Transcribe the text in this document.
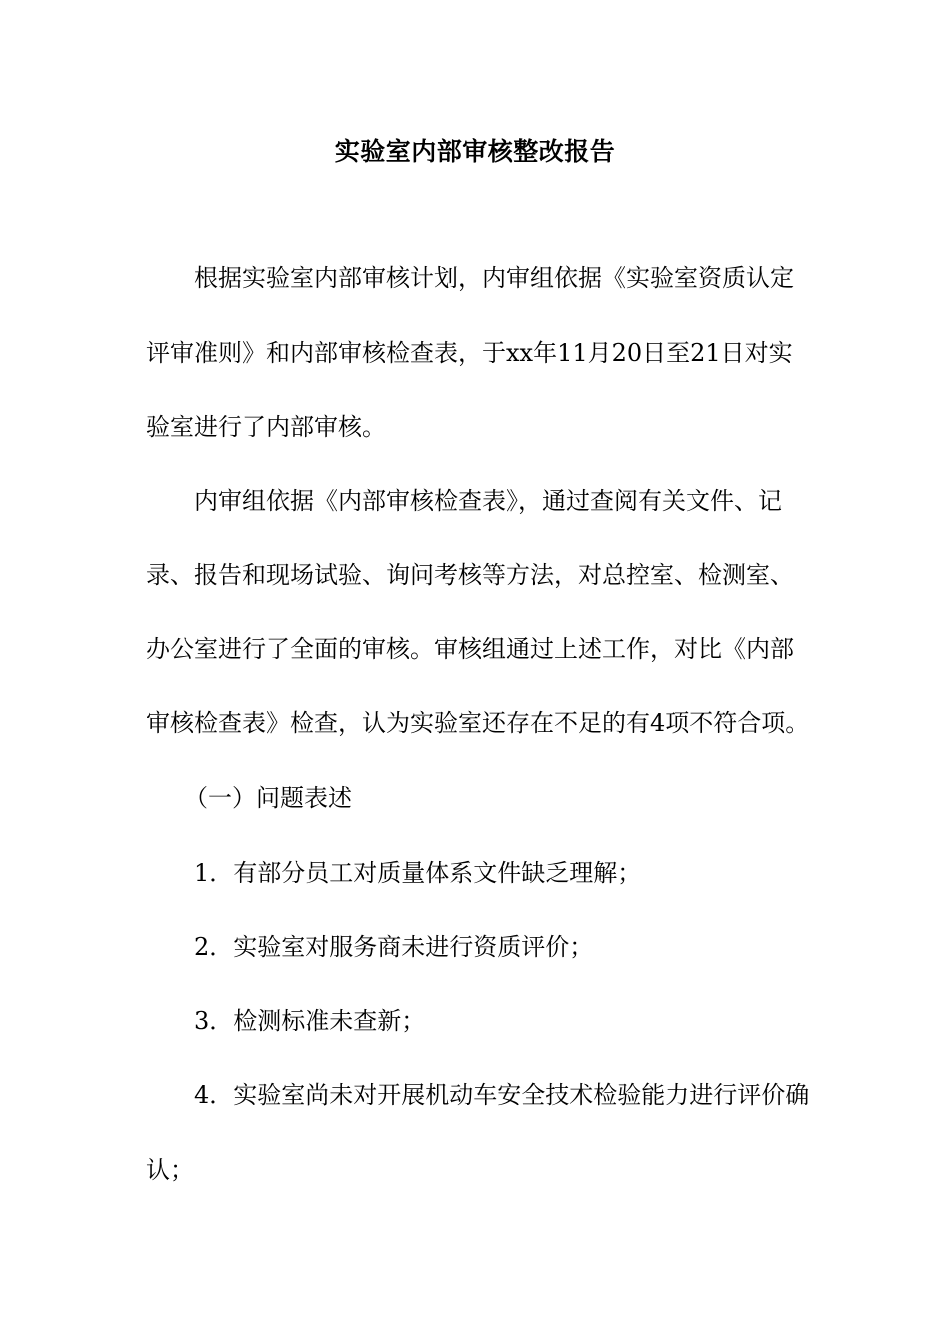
实验室内部审核整改报告
根据实验室内部审核计划，内审组依据《实验室资质认定
评审准则》和内部审核检查表，于xx年11月20日至21日对实
验室进行了内部审核。
内审组依据《内部审核检查表》，通过查阅有关文件、记
录、报告和现场试验、询问考核等方法，对总控室、检测室、
办公室进行了全面的审核。审核组通过上述工作，对比《内部
审核检查表》检查，认为实验室还存在不足的有4项不符合项。
（一）问题表述
1．有部分员工对质量体系文件缺乏理解；
2．实验室对服务商未进行资质评价；
3．检测标准未查新；
4．实验室尚未对开展机动车安全技术检验能力进行评价确
认；
